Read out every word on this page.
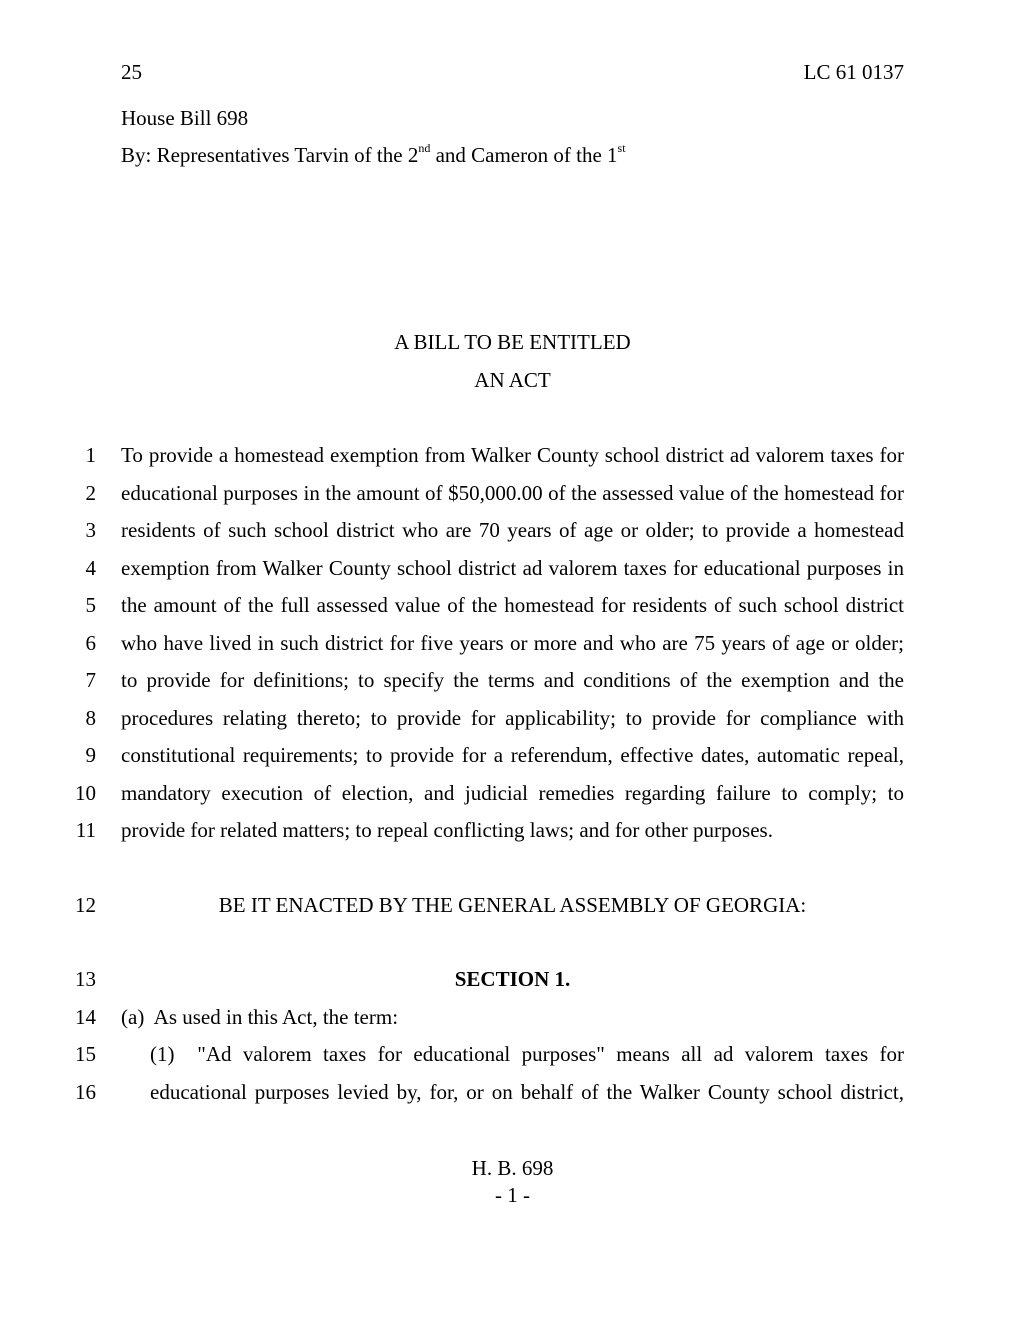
25	LC 61 0137
House Bill 698
By: Representatives Tarvin of the 2nd and Cameron of the 1st
A BILL TO BE ENTITLED
AN ACT
1 To provide a homestead exemption from Walker County school district ad valorem taxes for
2 educational purposes in the amount of $50,000.00 of the assessed value of the homestead for
3 residents of such school district who are 70 years of age or older; to provide a homestead
4 exemption from Walker County school district ad valorem taxes for educational purposes in
5 the amount of the full assessed value of the homestead for residents of such school district
6 who have lived in such district for five years or more and who are 75 years of age or older;
7 to provide for definitions; to specify the terms and conditions of the exemption and the
8 procedures relating thereto; to provide for applicability; to provide for compliance with
9 constitutional requirements; to provide for a referendum, effective dates, automatic repeal,
10 mandatory execution of election, and judicial remedies regarding failure to comply; to
11 provide for related matters; to repeal conflicting laws; and for other purposes.
12	BE IT ENACTED BY THE GENERAL ASSEMBLY OF GEORGIA:
13	SECTION 1.
14 (a)  As used in this Act, the term:
15	(1)  "Ad valorem taxes for educational purposes" means all ad valorem taxes for
16	educational purposes levied by, for, or on behalf of the Walker County school district,
H. B. 698
- 1 -
